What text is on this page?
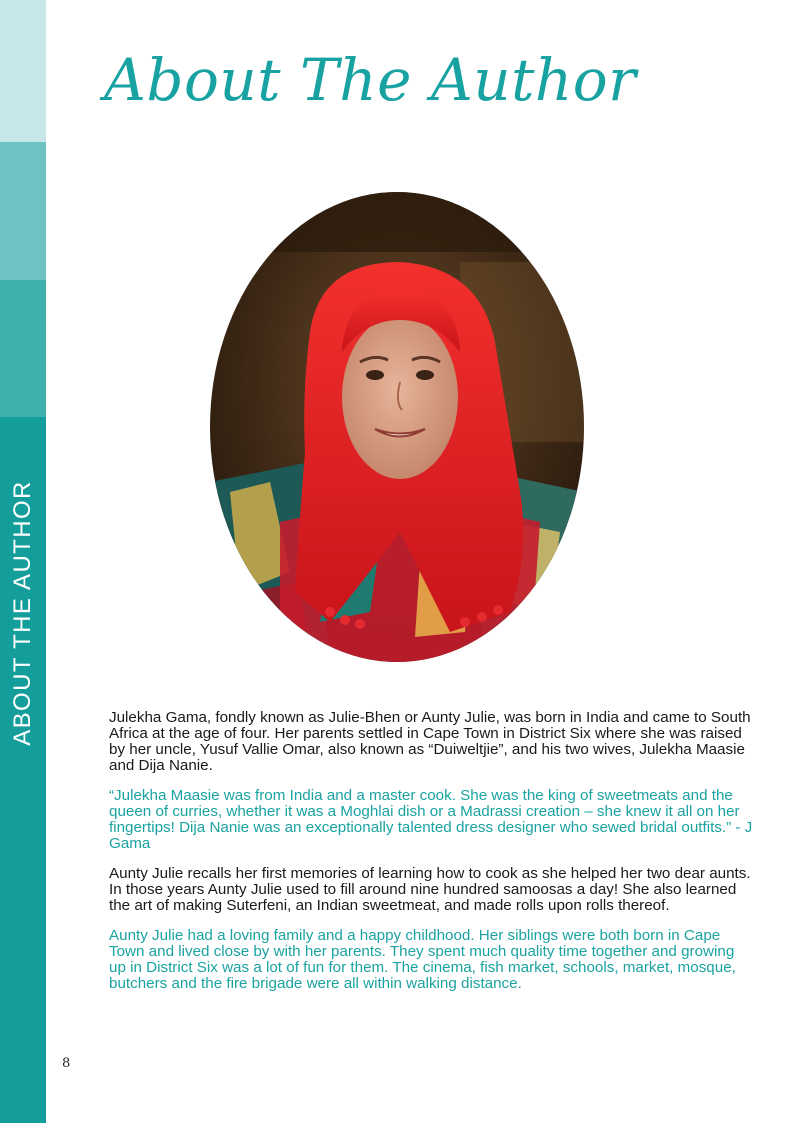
ABOUT THE AUTHOR
About The Author

Julekha Gama, fondly known as Julie-Bhen or Aunty Julie, was born in India and came to South Africa at the age of four. Her parents settled in Cape Town in District Six where she was raised by her uncle, Yusuf Vallie Omar, also known as “Duiweltjie”, and his two wives, Julekha Maasie and Dija Nanie.

“Julekha Maasie was from India and a master cook. She was the king of sweetmeats and the queen of curries, whether it was a Moghlai dish or a Madrassi creation – she knew it all on her fingertips! Dija Nanie was an exceptionally talented dress designer who sewed bridal outfits.” - J Gama

Aunty Julie recalls her first memories of learning how to cook as she helped her two dear aunts. In those years Aunty Julie used to fill around nine hundred samoosas a day! She also learned the art of making Suterfeni, an Indian sweetmeat, and made rolls upon rolls thereof.

Aunty Julie had a loving family and a happy childhood. Her siblings were both born in Cape Town and lived close by with her parents. They spent much quality time together and growing up in District Six was a lot of fun for them. The cinema, fish market, schools, market, mosque, butchers and the fire brigade were all within walking distance.

8
